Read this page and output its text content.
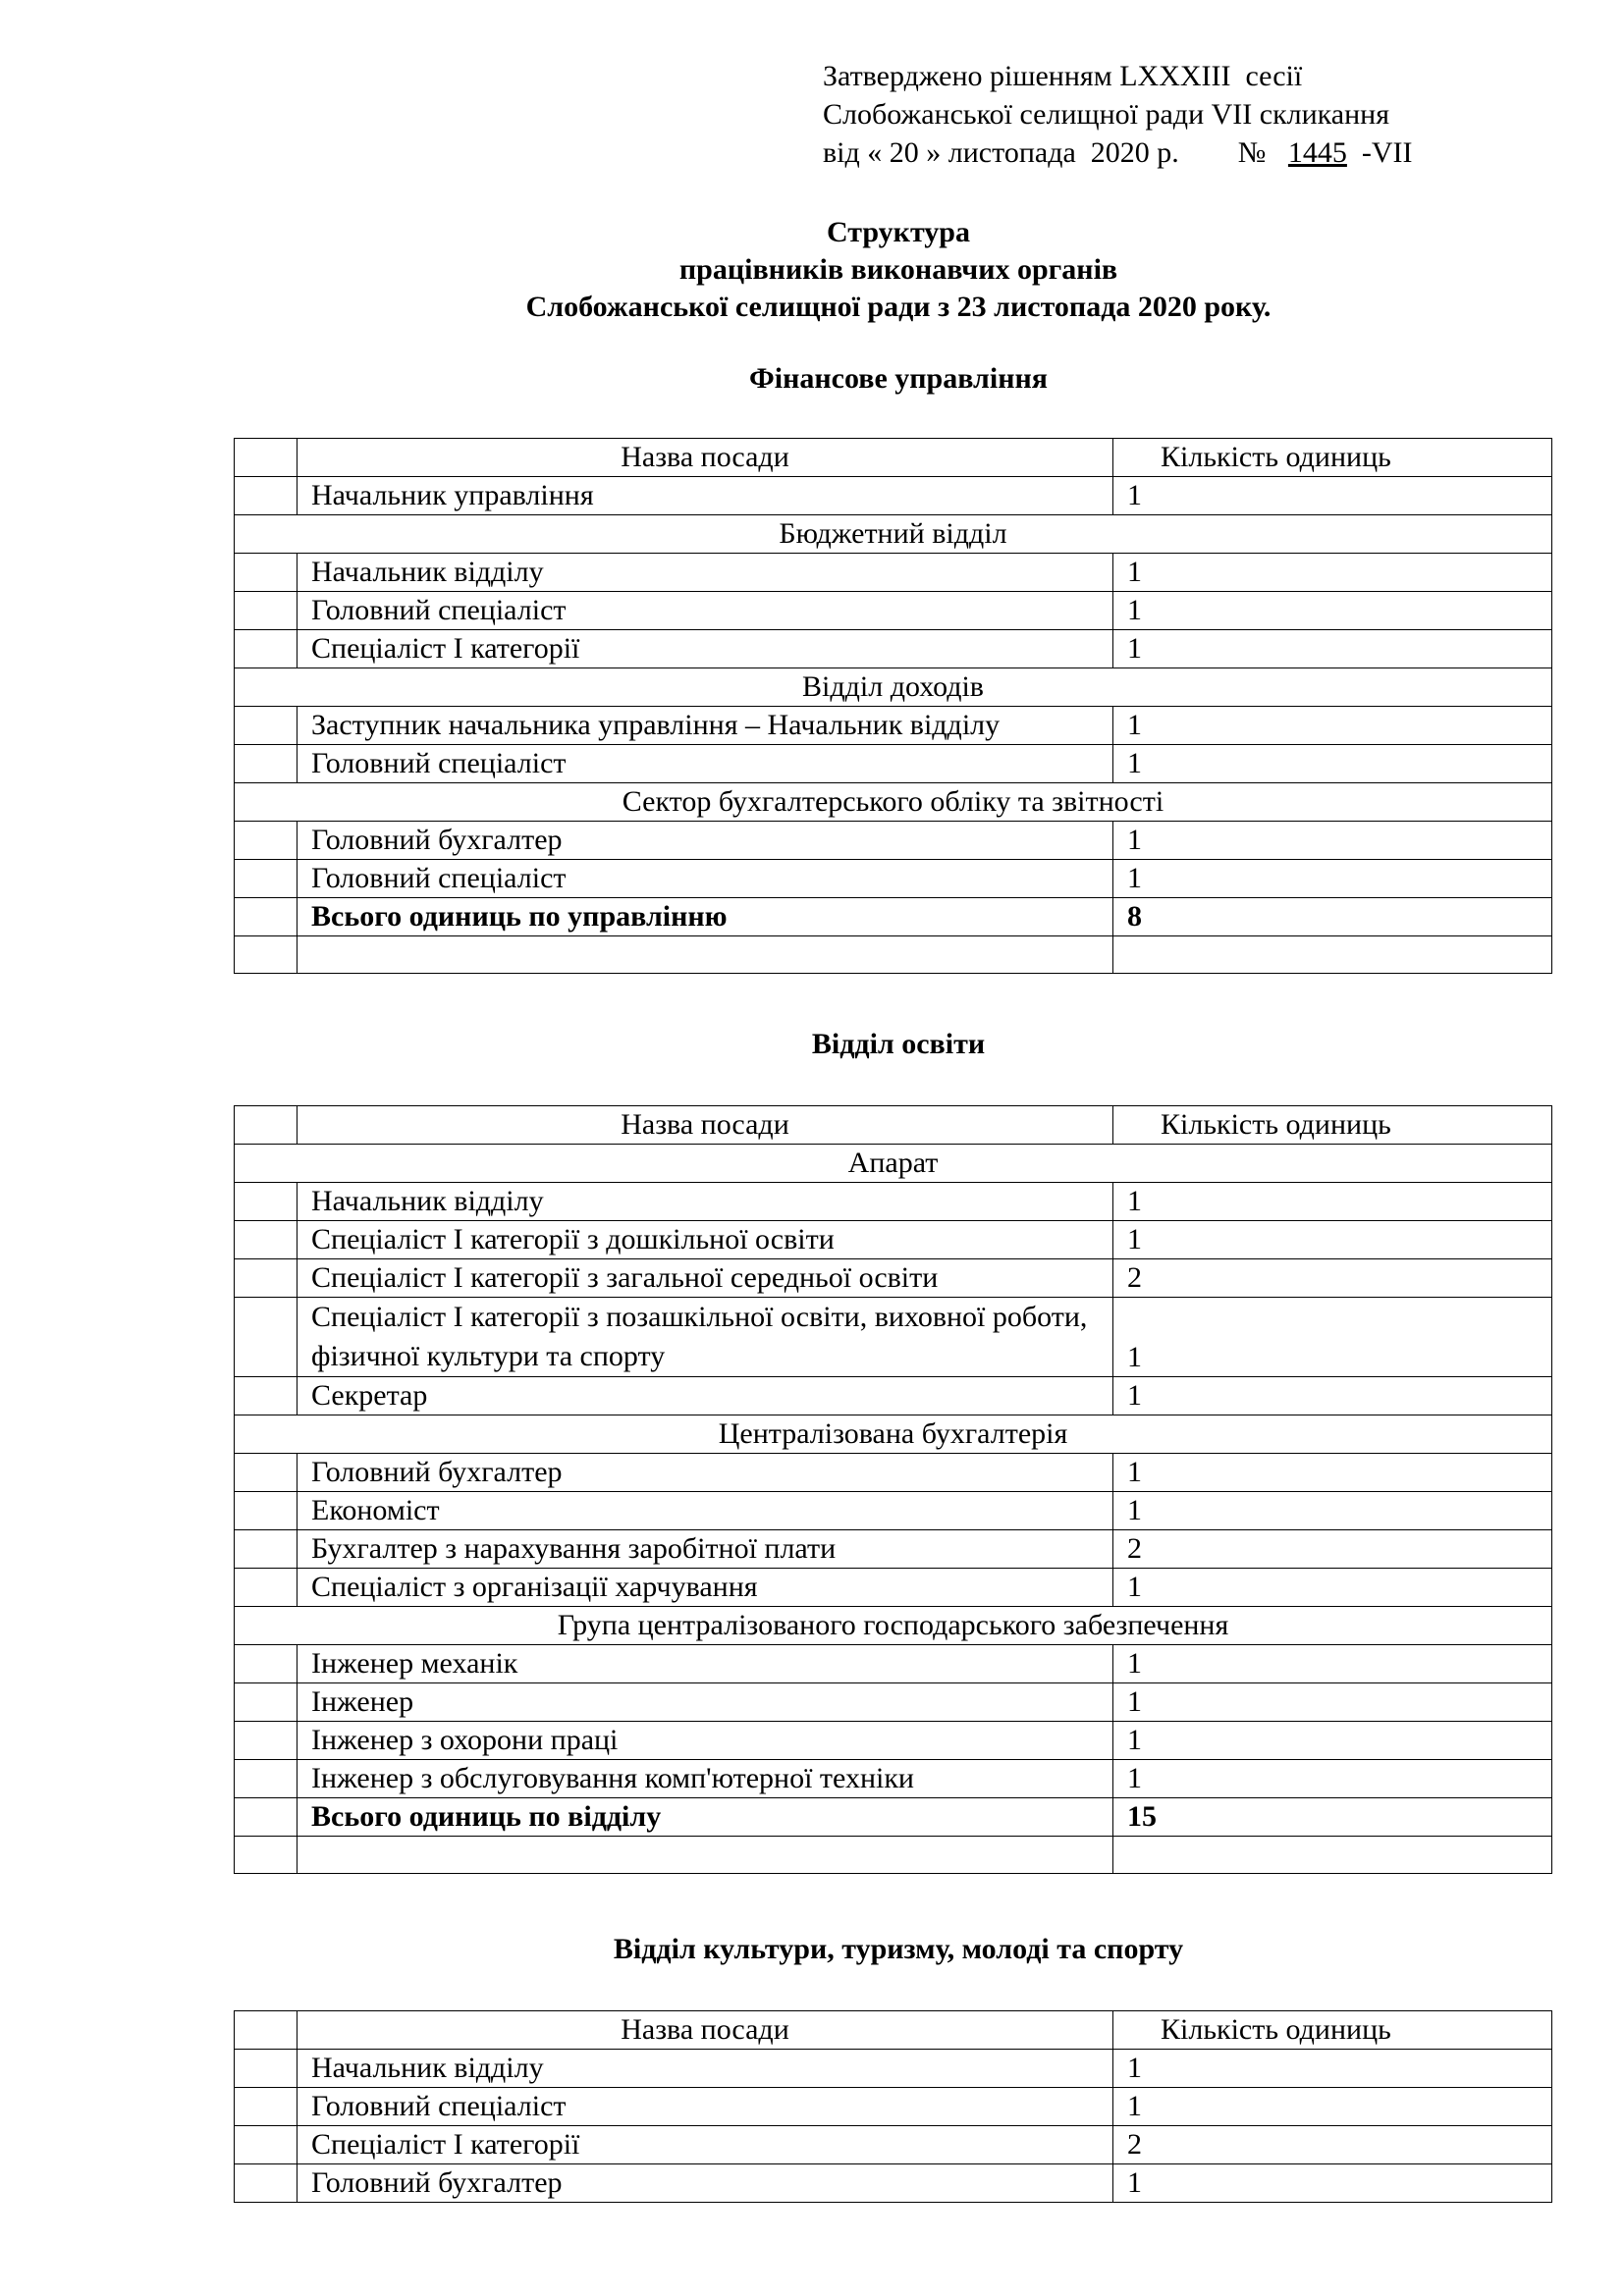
Затверджено рішенням LXXXIII  сесії
Слобожанської селищної ради VII скликання
від « 20 » листопада  2020 р.        №   1445  -VII
Структура
працівників виконавчих органів
Слобожанської селищної ради з 23 листопада 2020 року.
Фінансове управління
	Назва посади	Кількість одиниць
	Начальник управління	1
Бюджетний відділ		
	Начальник відділу	1
	Головний спеціаліст	1
	Спеціаліст І категорії	1
Відділ доходів		
	Заступник начальника управління – Начальник відділу	1
	Головний спеціаліст	1
Сектор бухгалтерського обліку та звітності		
	Головний бухгалтер	1
	Головний спеціаліст	1
	Всього одиниць по управлінню	8

Відділ освіти
	Назва посади	Кількість одиниць
Апарат		
	Начальник відділу	1
	Спеціаліст І категорії з дошкільної освіти	1
	Спеціаліст І категорії з загальної середньої освіти	2
	Спеціаліст І категорії з позашкільної освіти, виховної роботи, фізичної культури та спорту	1
	Секретар	1
Централізована бухгалтерія		
	Головний бухгалтер	1
	Економіст	1
	Бухгалтер з нарахування заробітної плати	2
	Спеціаліст з організації харчування	1
Група централізованого господарського забезпечення		
	Інженер механік	1
	Інженер	1
	Інженер з охорони праці	1
	Інженер з обслуговування комп'ютерної техніки	1
	Всього одиниць по відділу	15

Відділ культури, туризму, молоді та спорту
	Назва посади	Кількість одиниць
	Начальник відділу	1
	Головний спеціаліст	1
	Спеціаліст І категорії	2
	Головний бухгалтер	1
